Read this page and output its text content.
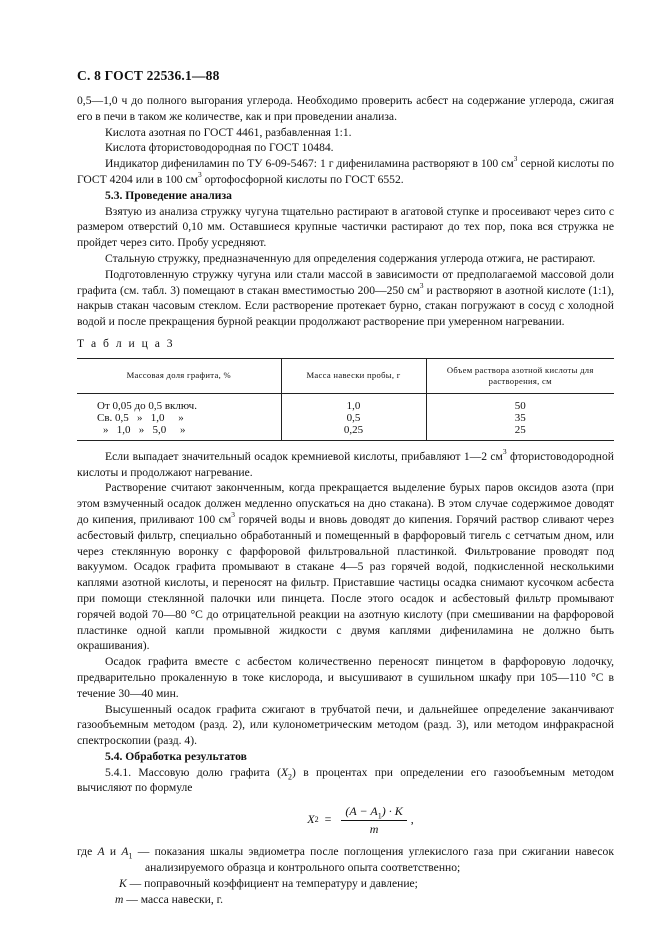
С. 8 ГОСТ 22536.1—88

0,5—1,0 ч до полного выгорания углерода. Необходимо проверить асбест на содержание углерода, сжигая его в печи в таком же количестве, как и при проведении анализа.

Кислота азотная по ГОСТ 4461, разбавленная 1:1.

Кислота фтористоводородная по ГОСТ 10484.

Индикатор дифениламин по ТУ 6-09-5467: 1 г дифениламина растворяют в 100 $см^3$ серной кислоты по ГОСТ 4204 или в 100 $см^3$ ортофосфорной кислоты по ГОСТ 6552.

5.3. Проведение анализа

Взятую из анализа стружку чугуна тщательно растирают в агатовой ступке и просеивают через сито с размером отверстий 0,10 мм. Оставшиеся крупные частички растирают до тех пор, пока вся стружка не пройдет через сито. Пробу усредняют.

Стальную стружку, предназначенную для определения содержания углерода отжига, не растирают.

Подготовленную стружку чугуна или стали массой в зависимости от предполагаемой массовой доли графита (см. табл. 3) помещают в стакан вместимостью 200—250 $см^3$ и растворяют в азотной кислоте (1:1), накрыв стакан часовым стеклом. Если растворение протекает бурно, стакан погружают в сосуд с холодной водой и после прекращения бурной реакции продолжают растворение при умеренном нагревании.

Т а б л и ц а 3

Массовая доля графита, %	Масса навески пробы, г	Объем раствора азотной кислоты для растворения, см
От 0,05 до 0,5 включ.	1,0	50
Св. 0,5   »   1,0     »	0,5	35
»   1,0   »   5,0     »	0,25	25

Если выпадает значительный осадок кремниевой кислоты, прибавляют 1—2 $см^3$ фтористоводородной кислоты и продолжают нагревание.

Растворение считают законченным, когда прекращается выделение бурых паров оксидов азота (при этом взмученный осадок должен медленно опускаться на дно стакана). В этом случае содержимое доводят до кипения, приливают 100 $см^3$ горячей воды и вновь доводят до кипения. Горячий раствор сливают через асбестовый фильтр, специально обработанный и помещенный в фарфоровый тигель с сетчатым дном, или через стеклянную воронку с фарфоровой фильтровальной пластинкой. Фильтрование проводят под вакуумом. Осадок графита промывают в стакане 4—5 раз горячей водой, подкисленной несколькими каплями азотной кислоты, и переносят на фильтр. Приставшие частицы осадка снимают кусочком асбеста при помощи стеклянной палочки или пинцета. После этого осадок и асбестовый фильтр промывают горячей водой 70—80 °С до отрицательной реакции на азотную кислоту (при смешивании на фарфоровой пластинке одной капли промывной жидкости с двумя каплями дифениламина не должно быть окрашивания).

Осадок графита вместе с асбестом количественно переносят пинцетом в фарфоровую лодочку, предварительно прокаленную в токе кислорода, и высушивают в сушильном шкафу при 105—110 °С в течение 30—40 мин.

Высушенный осадок графита сжигают в трубчатой печи, и дальнейшее определение заканчивают газообъемным методом (разд. 2), или кулонометрическим методом (разд. 3), или методом инфракрасной спектроскопии (разд. 4).

5.4. Обработка результатов

5.4.1. Массовую долю графита $(X_2)$ в процентах при определении его газообъемным методом вычисляют по формуле

X $2 = \frac{(A - A_1) \cdot K}{m}$ ,

где A и $A_1$ — показания шкалы эвдиометра после поглощения углекислого газа при сжигании навесок анализируемого образца и контрольного опыта соответственно;

K — поправочный коэффициент на температуру и давление;

m — масса навески, г.
